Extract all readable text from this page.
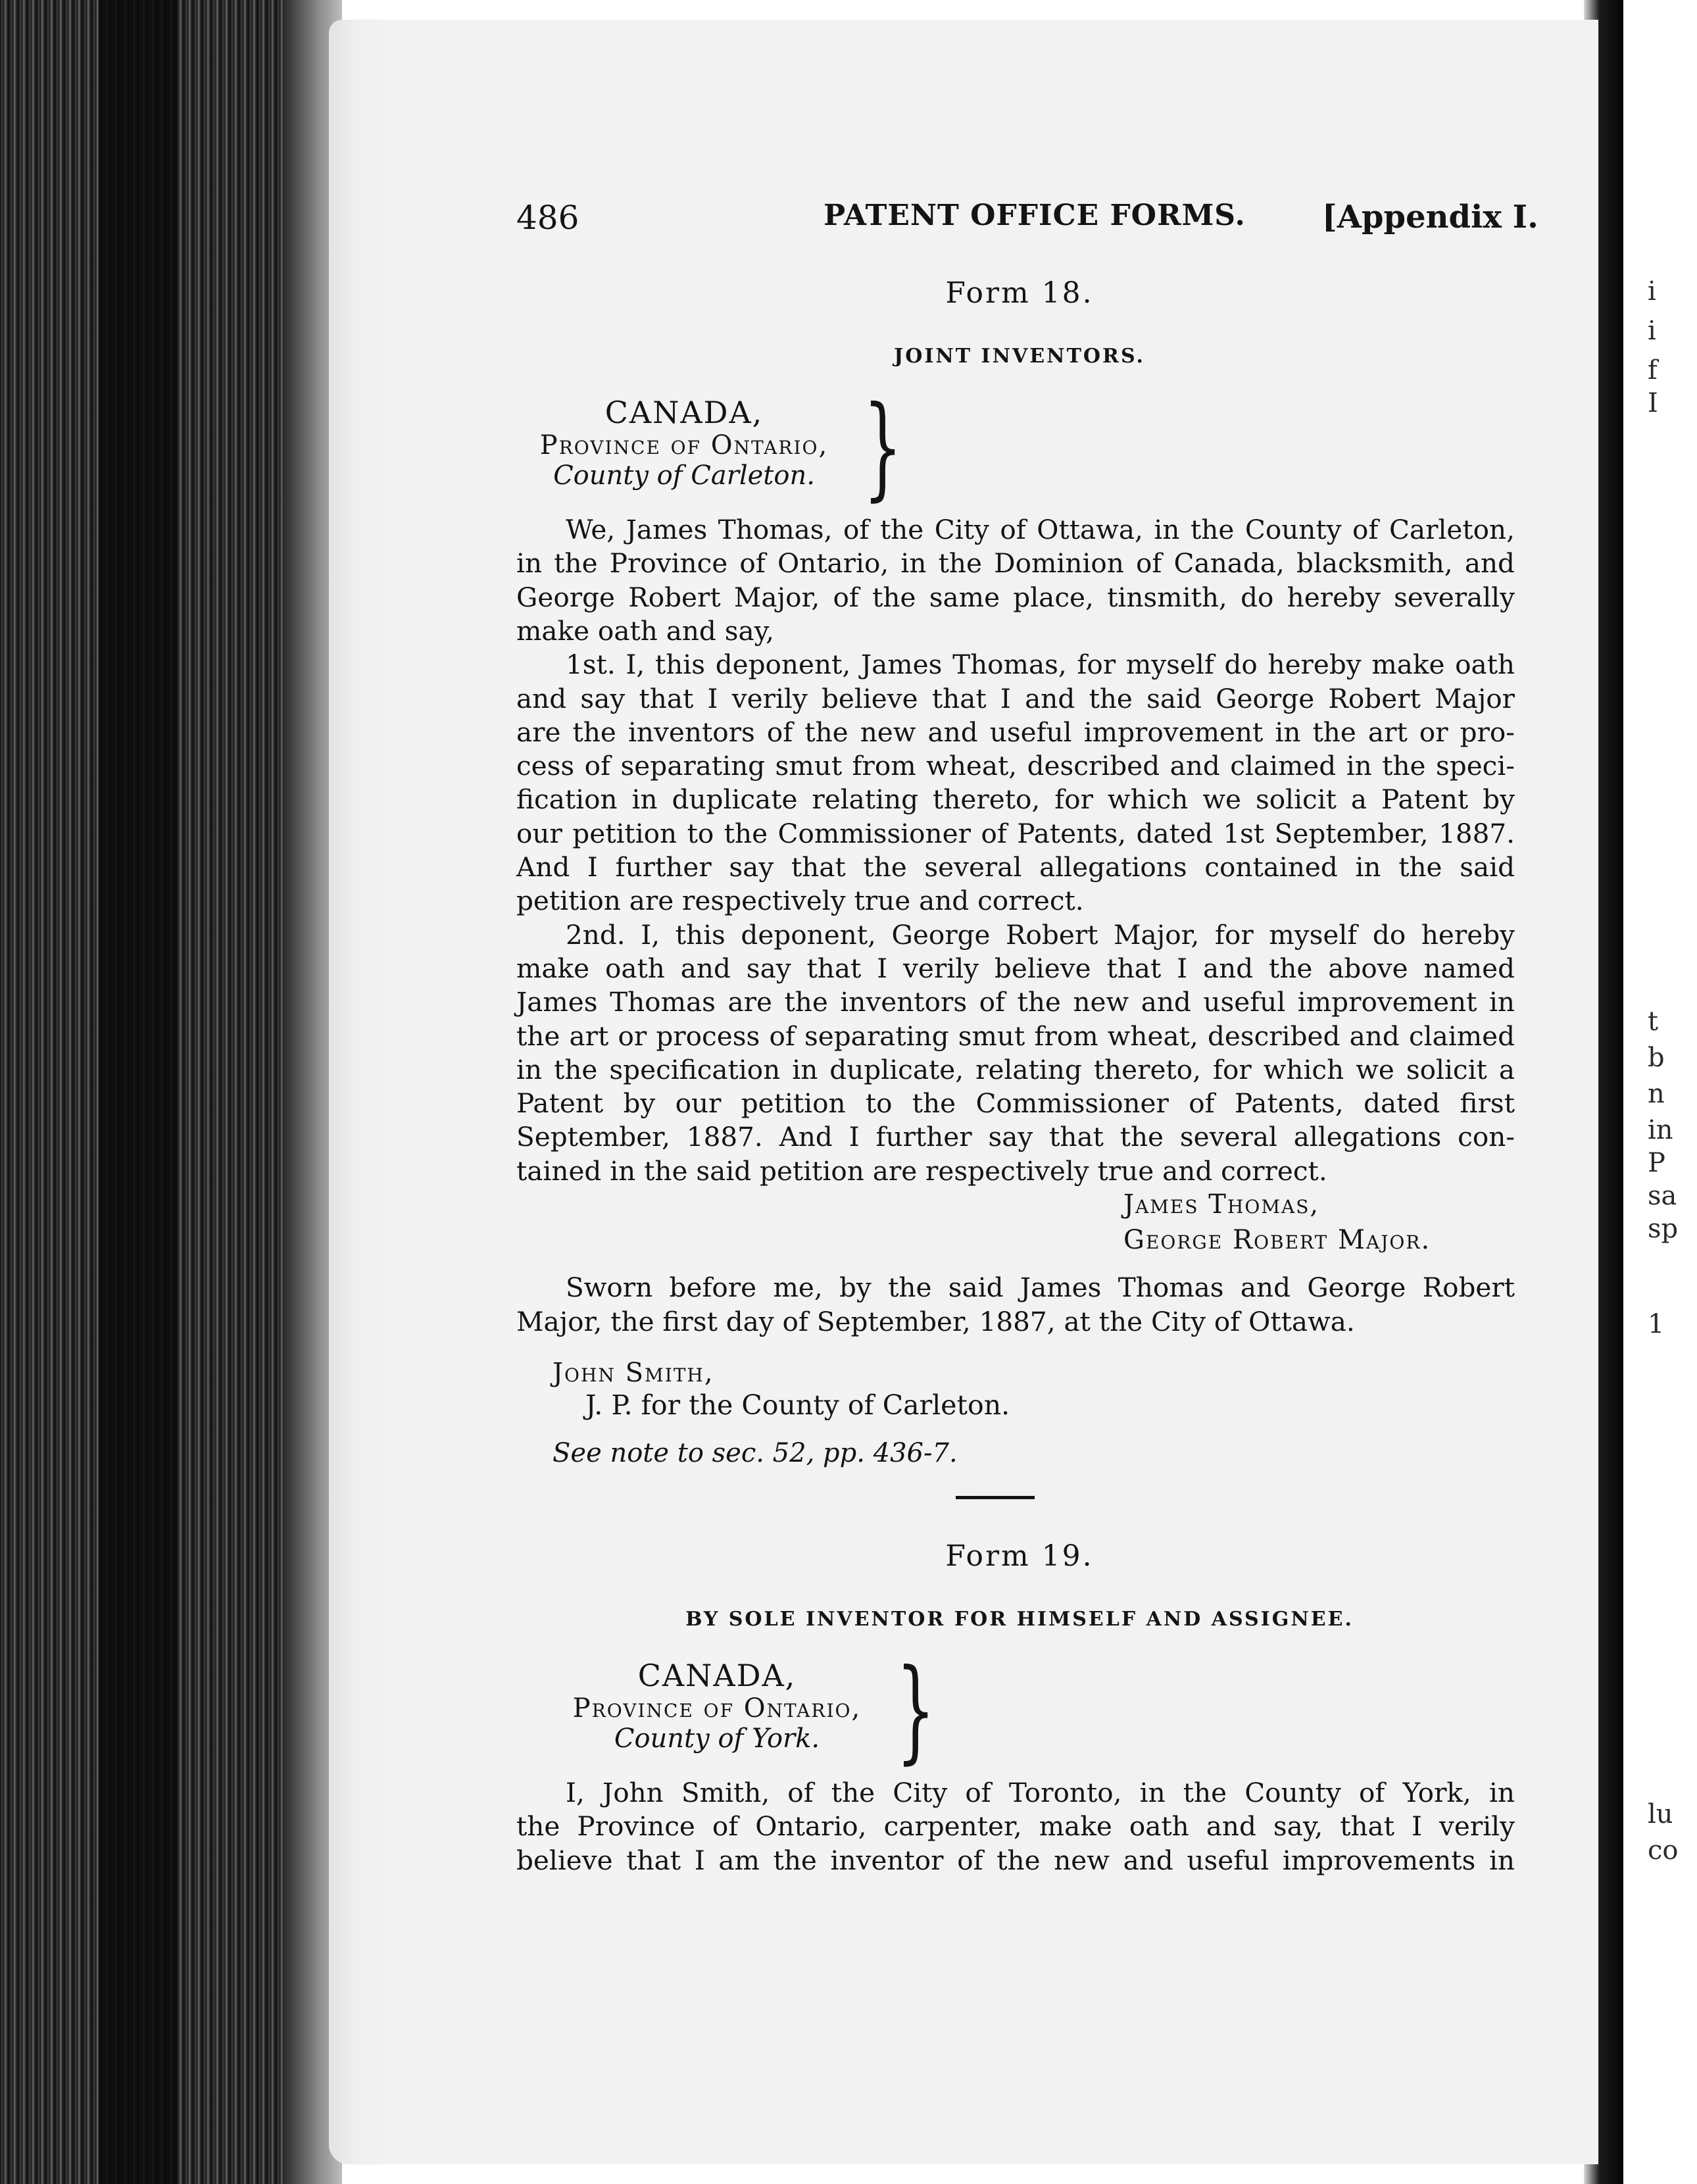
486	PATENT OFFICE FORMS. [Appendix I.
Form 18.
JOINT INVENTORS.
CANADA,
Province of Ontario,
County of Carleton. }
We, James Thomas, of the City of Ottawa, in the County of Carleton,
in the Province of Ontario, in the Dominion of Canada, blacksmith, and
George Robert Major, of the same place, tinsmith, do hereby severally
make oath and say,
1st. I, this deponent, James Thomas, for myself do hereby make oath
and say that I verily believe that I and the said George Robert Major
are the inventors of the new and useful improvement in the art or pro-
cess of separating smut from wheat, described and claimed in the speci-
fication in duplicate relating thereto, for which we solicit a Patent by
our petition to the Commissioner of Patents, dated 1st September, 1887.
And I further say that the several allegations contained in the said
petition are respectively true and correct.
2nd. I, this deponent, George Robert Major, for myself do hereby
make oath and say that I verily believe that I and the above named
James Thomas are the inventors of the new and useful improvement in
the art or process of separating smut from wheat, described and claimed
in the specification in duplicate, relating thereto, for which we solicit a
Patent by our petition to the Commissioner of Patents, dated first
September, 1887. And I further say that the several allegations con-
tained in the said petition are respectively true and correct.
James Thomas,
George Robert Major.
Sworn before me, by the said James Thomas and George Robert
Major, the first day of September, 1887, at the City of Ottawa.
John Smith,
J. P. for the County of Carleton.
See note to sec. 52, pp. 436-7.
Form 19.
BY SOLE INVENTOR FOR HIMSELF AND ASSIGNEE.
CANADA,
Province of Ontario,
County of York. }
I, John Smith, of the City of Toronto, in the County of York, in
the Province of Ontario, carpenter, make oath and say, that I verily
believe that I am the inventor of the new and useful improvements in
i
i
f
I
t
b
n
in
P
sa
sp
1
lu
co
